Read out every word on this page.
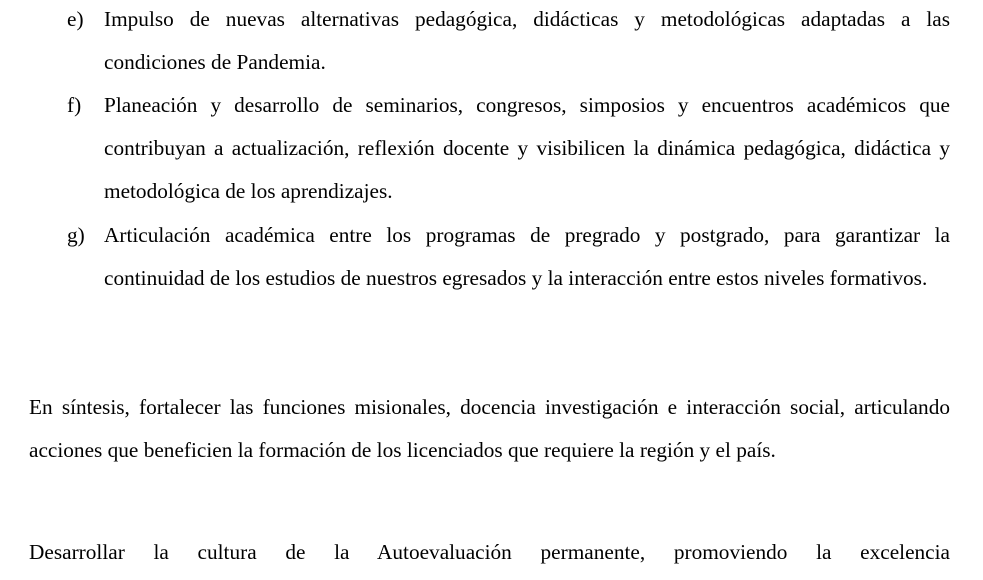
e) Impulso de nuevas alternativas pedagógica, didácticas y metodológicas adaptadas a las condiciones de Pandemia.

f) Planeación y desarrollo de seminarios, congresos, simposios y encuentros académicos que contribuyan a actualización, reflexión docente y visibilicen la dinámica pedagógica, didáctica y metodológica de los aprendizajes.

g) Articulación académica entre los programas de pregrado y postgrado, para garantizar la continuidad de los estudios de nuestros egresados y la interacción entre estos niveles formativos.

En síntesis, fortalecer las funciones misionales, docencia investigación e interacción social, articulando acciones que beneficien la formación de los licenciados que requiere la región y el país.

Desarrollar la cultura de la Autoevaluación permanente, promoviendo la excelencia
